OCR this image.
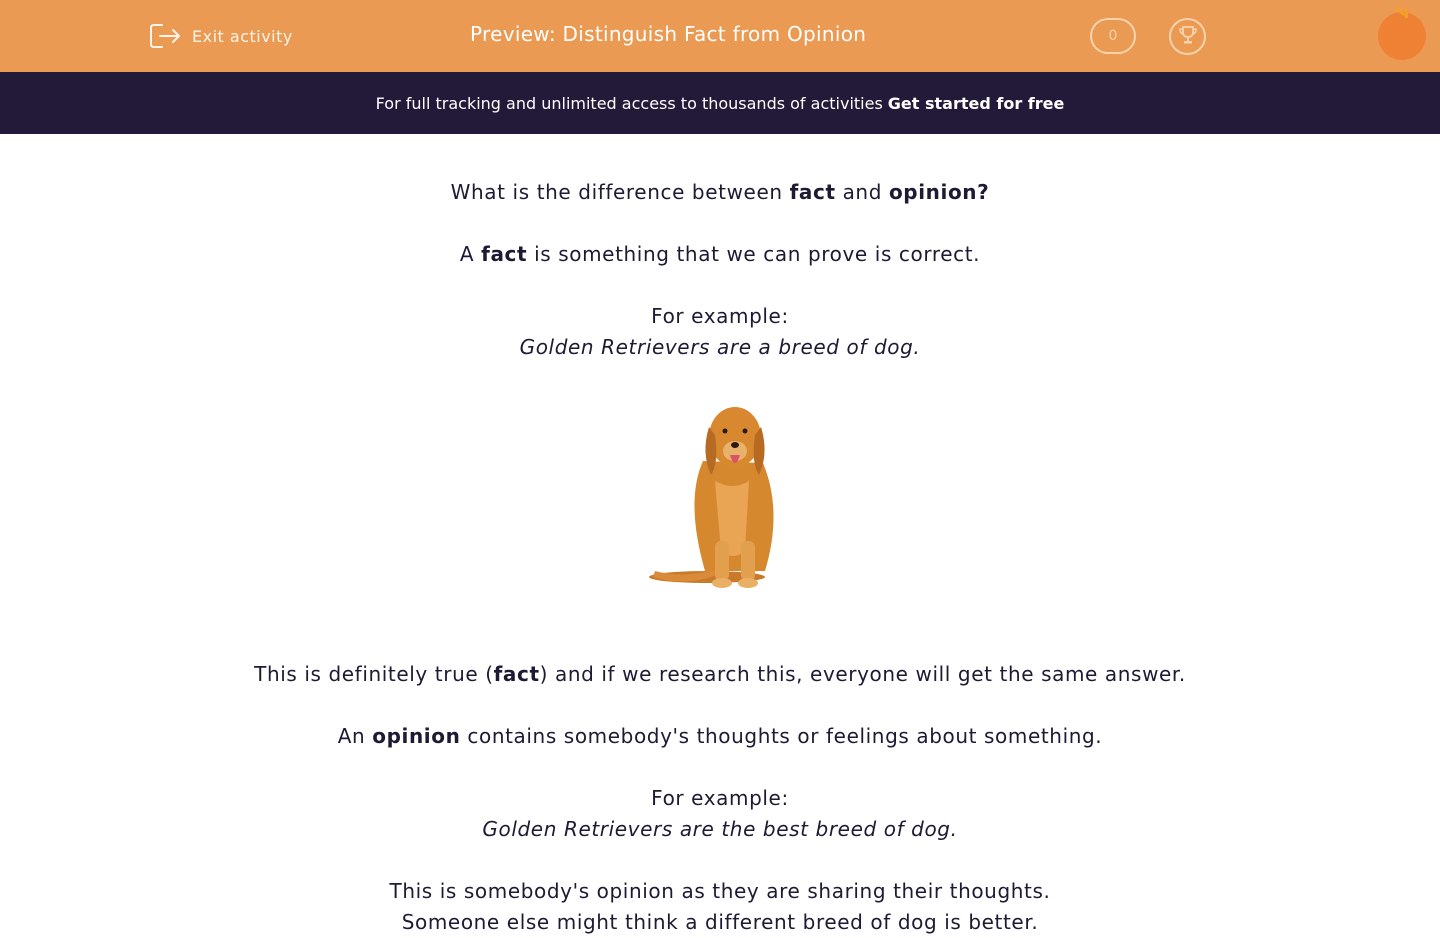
Exit activity	Preview: Distinguish Fact from Opinion	0
For full tracking and unlimited access to thousands of activities Get started for free
What is the difference between fact and opinion?
A fact is something that we can prove is correct.
For example:
Golden Retrievers are a breed of dog.
This is definitely true (fact) and if we research this, everyone will get the same answer.
An opinion contains somebody's thoughts or feelings about something.
For example:
Golden Retrievers are the best breed of dog.
This is somebody's opinion as they are sharing their thoughts.
Someone else might think a different breed of dog is better.
